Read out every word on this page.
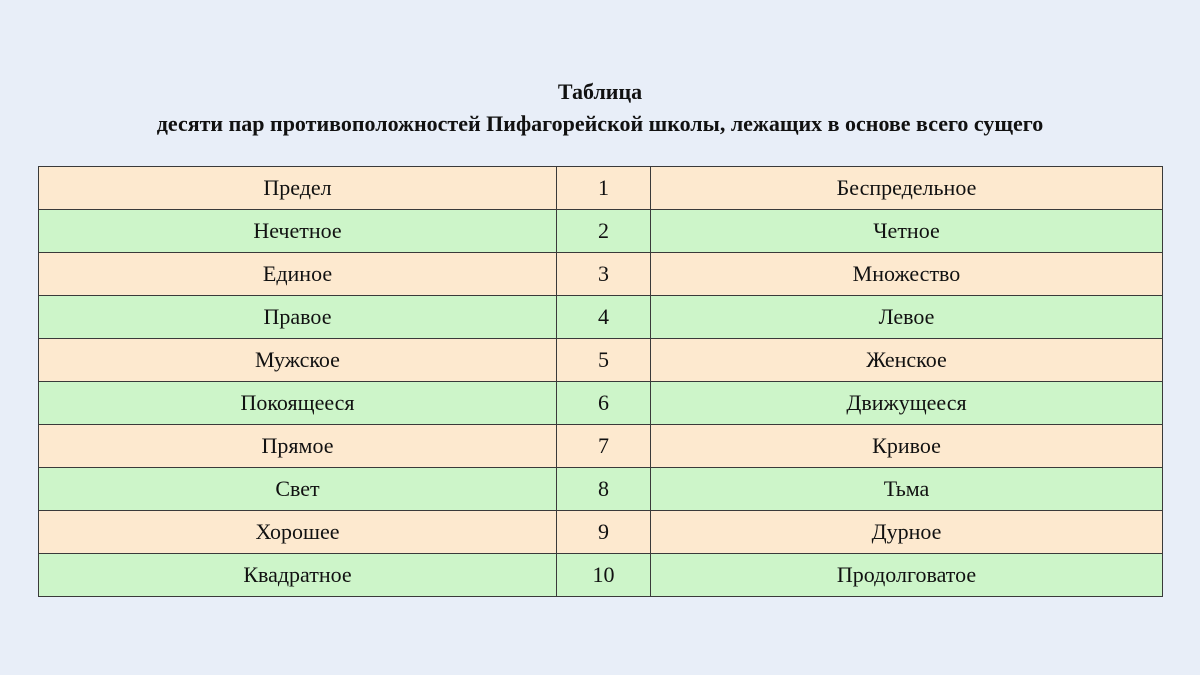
Таблица
десяти пар противоположностей Пифагорейской школы, лежащих в основе всего сущего
Предел	1	Беспредельное
Нечетное	2	Четное
Единое	3	Множество
Правое	4	Левое
Мужское	5	Женское
Покоящееся	6	Движущееся
Прямое	7	Кривое
Свет	8	Тьма
Хорошее	9	Дурное
Квадратное	10	Продолговатое
